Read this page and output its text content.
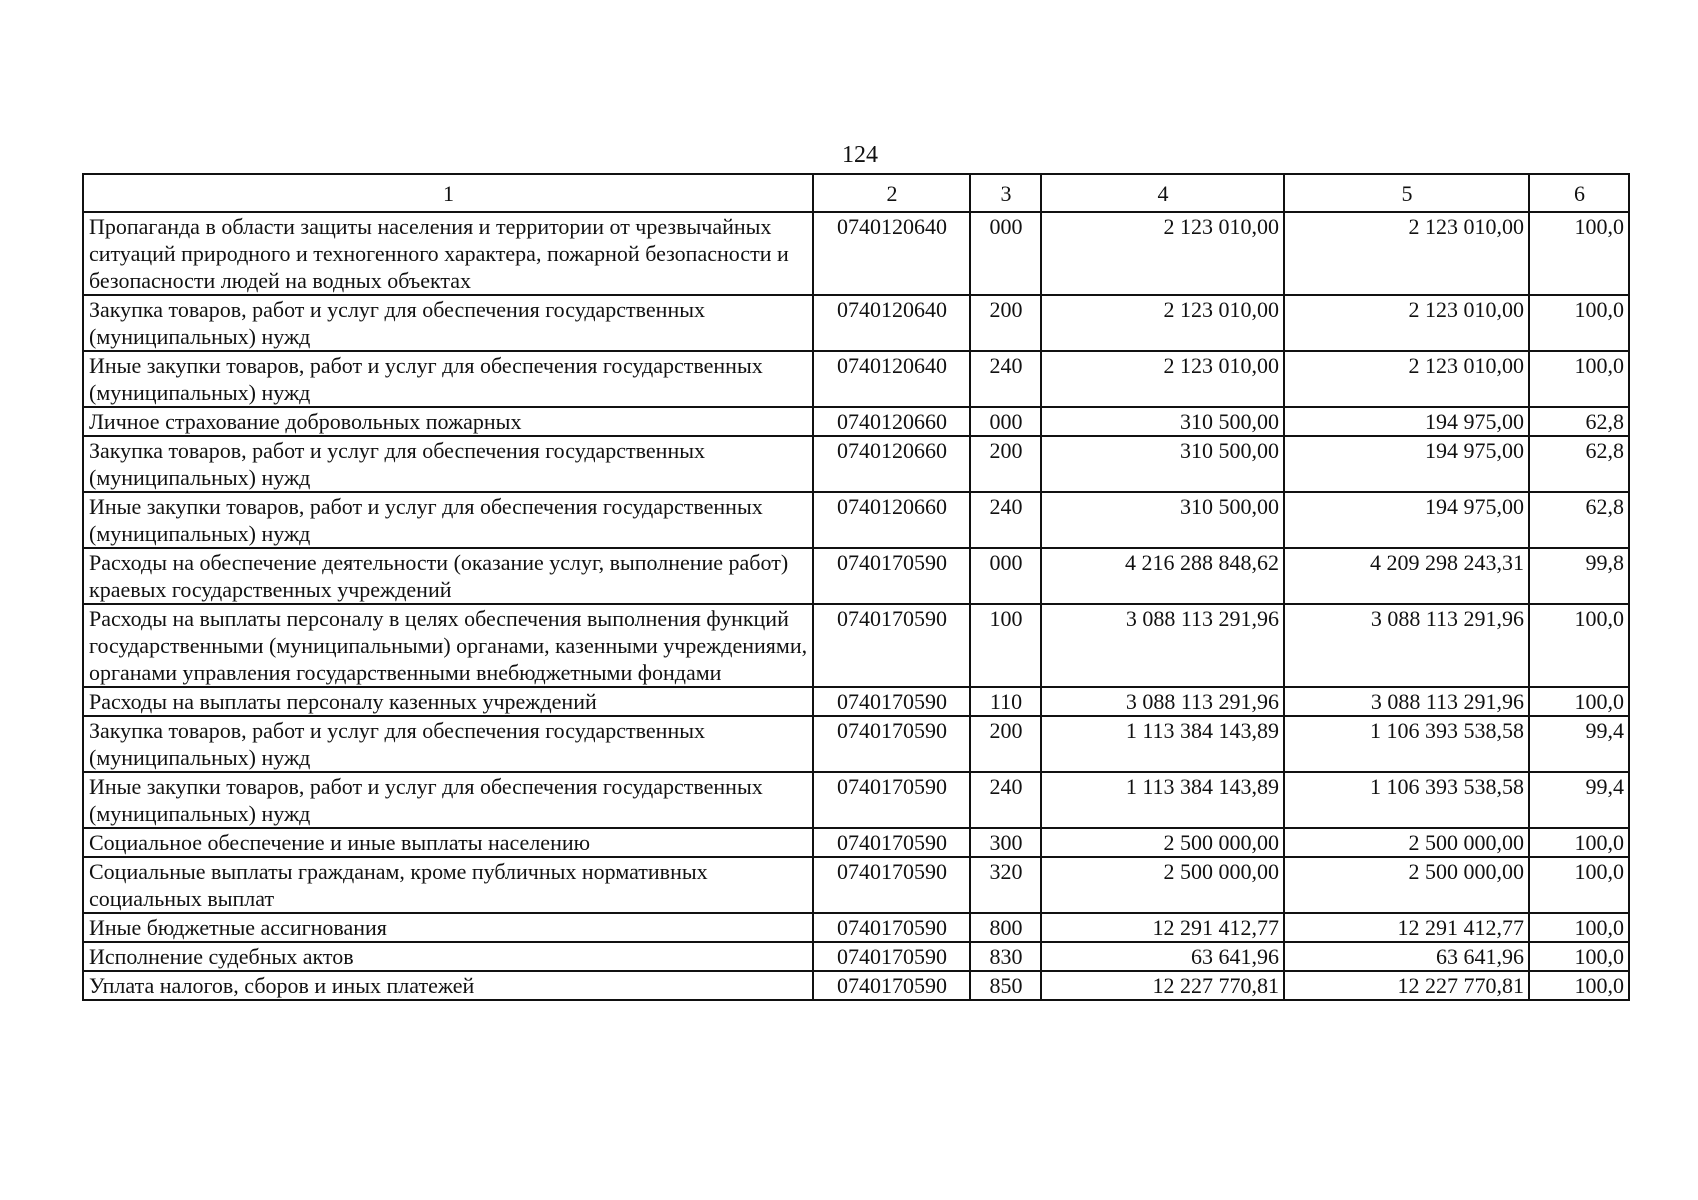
124
1	2	3	4	5	6
Пропаганда в области защиты населения и территории от чрезвычайных ситуаций природного и техногенного характера, пожарной безопасности и безопасности людей на водных объектах	0740120640	000	2 123 010,00	2 123 010,00	100,0
Закупка товаров, работ и услуг для обеспечения государственных (муниципальных) нужд	0740120640	200	2 123 010,00	2 123 010,00	100,0
Иные закупки товаров, работ и услуг для обеспечения государственных (муниципальных) нужд	0740120640	240	2 123 010,00	2 123 010,00	100,0
Личное страхование добровольных пожарных	0740120660	000	310 500,00	194 975,00	62,8
Закупка товаров, работ и услуг для обеспечения государственных (муниципальных) нужд	0740120660	200	310 500,00	194 975,00	62,8
Иные закупки товаров, работ и услуг для обеспечения государственных (муниципальных) нужд	0740120660	240	310 500,00	194 975,00	62,8
Расходы на обеспечение деятельности (оказание услуг, выполнение работ) краевых государственных учреждений	0740170590	000	4 216 288 848,62	4 209 298 243,31	99,8
Расходы на выплаты персоналу в целях обеспечения выполнения функций государственными (муниципальными) органами, казенными учреждениями, органами управления государственными внебюджетными фондами	0740170590	100	3 088 113 291,96	3 088 113 291,96	100,0
Расходы на выплаты персоналу казенных учреждений	0740170590	110	3 088 113 291,96	3 088 113 291,96	100,0
Закупка товаров, работ и услуг для обеспечения государственных (муниципальных) нужд	0740170590	200	1 113 384 143,89	1 106 393 538,58	99,4
Иные закупки товаров, работ и услуг для обеспечения государственных (муниципальных) нужд	0740170590	240	1 113 384 143,89	1 106 393 538,58	99,4
Социальное обеспечение и иные выплаты населению	0740170590	300	2 500 000,00	2 500 000,00	100,0
Социальные выплаты гражданам, кроме публичных нормативных социальных выплат	0740170590	320	2 500 000,00	2 500 000,00	100,0
Иные бюджетные ассигнования	0740170590	800	12 291 412,77	12 291 412,77	100,0
Исполнение судебных актов	0740170590	830	63 641,96	63 641,96	100,0
Уплата налогов, сборов и иных платежей	0740170590	850	12 227 770,81	12 227 770,81	100,0
